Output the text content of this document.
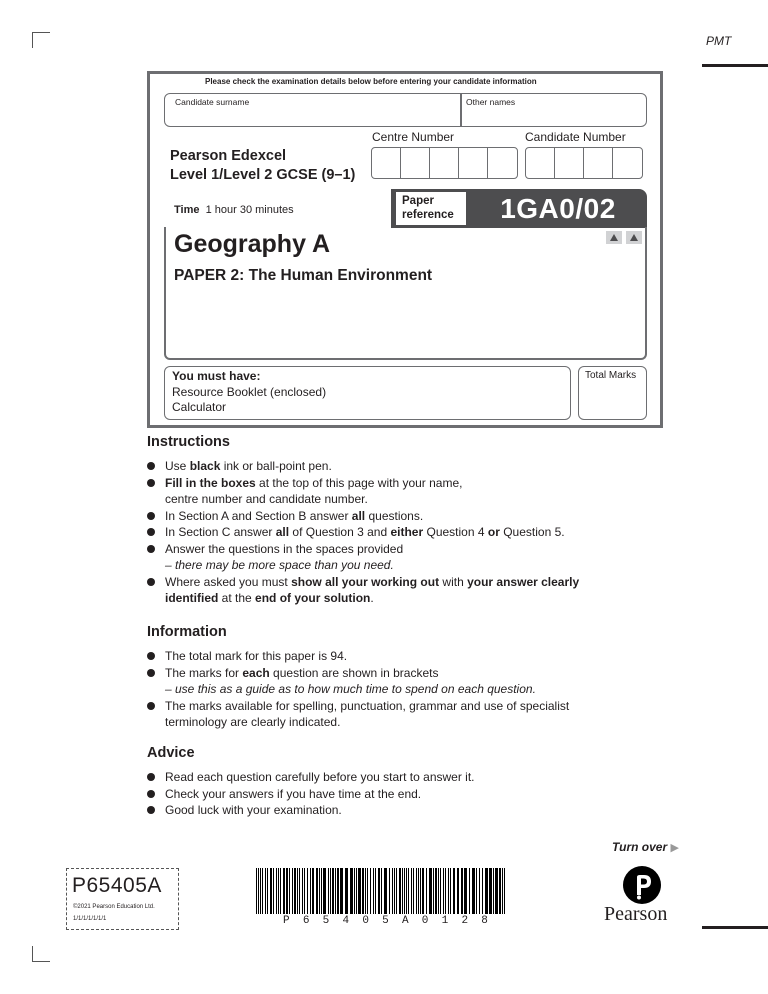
PMT
Please check the examination details below before entering your candidate information
Candidate surname	Other names
Centre Number	Candidate Number
Pearson Edexcel
Level 1/Level 2 GCSE (9–1)
Time 1 hour 30 minutes
Paper
reference	1GA0/02
Geography A
PAPER 2: The Human Environment
You must have:
Resource Booklet (enclosed)
Calculator
Total Marks
Instructions
Use black ink or ball-point pen.
Fill in the boxes at the top of this page with your name,
centre number and candidate number.
In Section A and Section B answer all questions.
In Section C answer all of Question 3 and either Question 4 or Question 5.
Answer the questions in the spaces provided
– there may be more space than you need.
Where asked you must show all your working out with your answer clearly
identified at the end of your solution.
Information
The total mark for this paper is 94.
The marks for each question are shown in brackets
– use this as a guide as to how much time to spend on each question.
The marks available for spelling, punctuation, grammar and use of specialist
terminology are clearly indicated.
Advice
Read each question carefully before you start to answer it.
Check your answers if you have time at the end.
Good luck with your examination.
Turn over ▶
P65405A
©2021 Pearson Education Ltd.
1/1/1/1/1/1/1	P 6 5 4 0 5 A 0 1 2 8	Pearson
